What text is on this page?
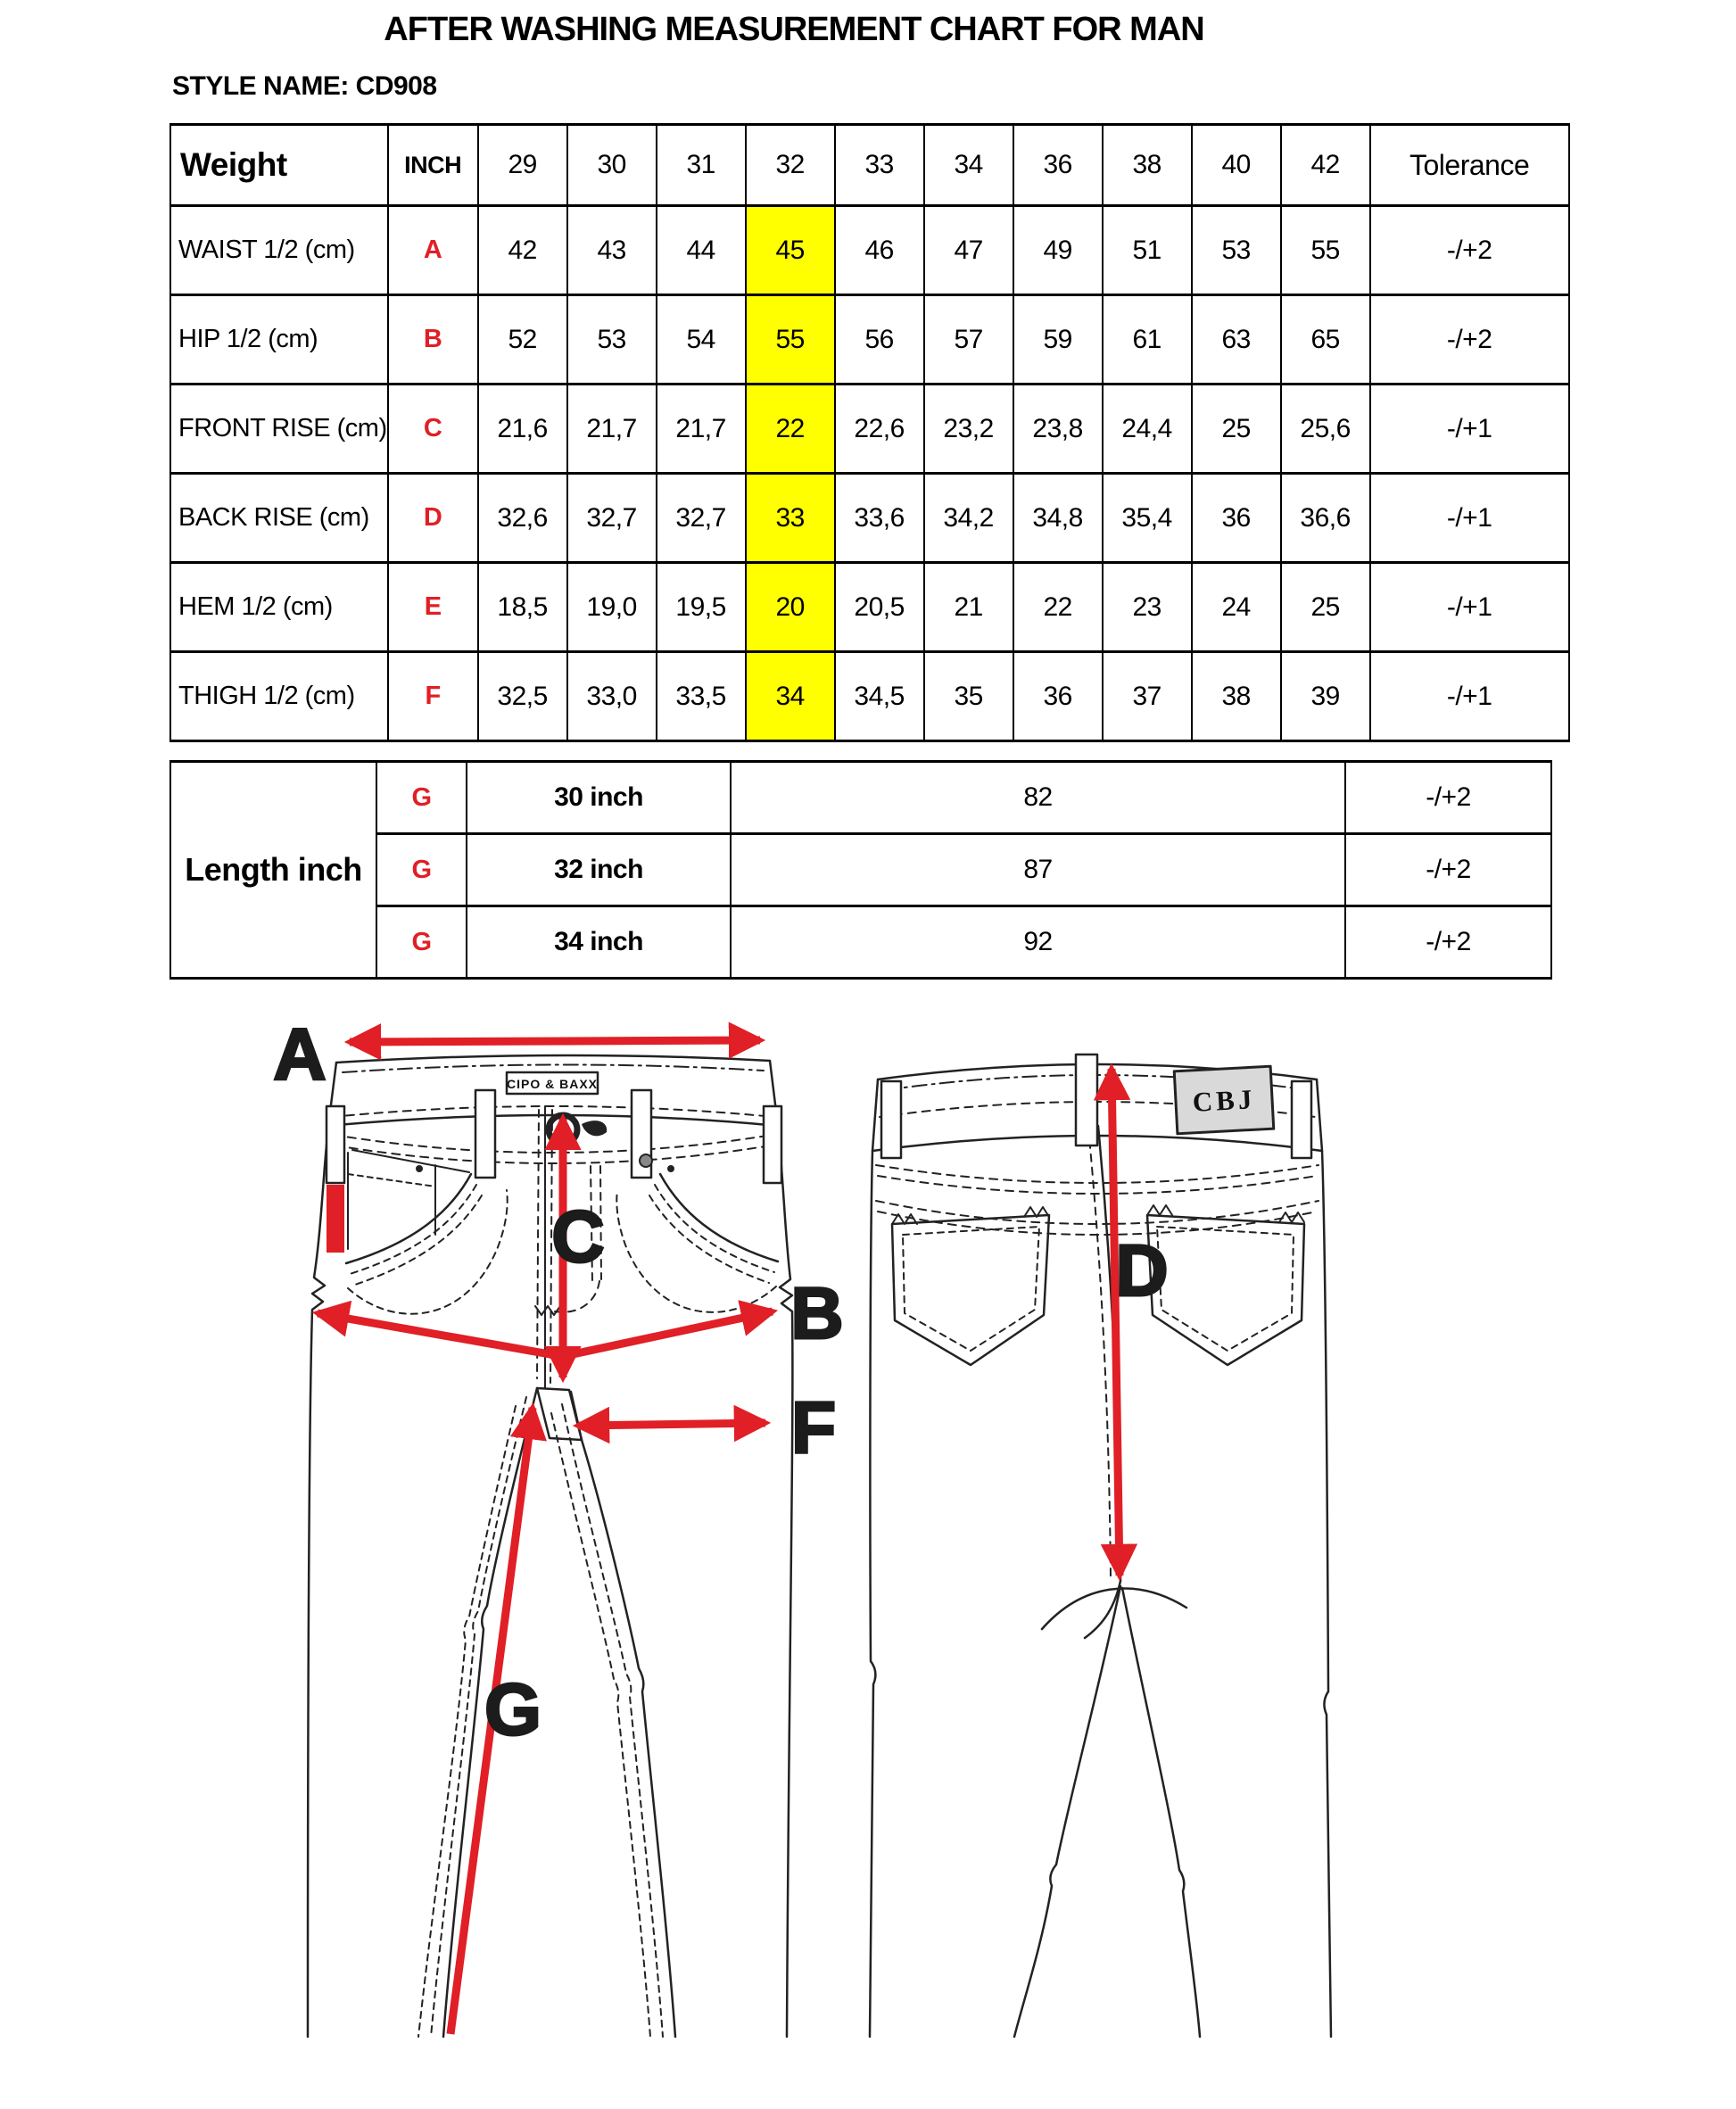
AFTER WASHING MEASUREMENT CHART FOR MAN
STYLE NAME: CD908
Weight	INCH	29	30	31	32	33	34	36	38	40	42	Tolerance
WAIST 1/2 (cm)	A	42	43	44	45	46	47	49	51	53	55	-/+2
HIP 1/2 (cm)	B	52	53	54	55	56	57	59	61	63	65	-/+2
FRONT RISE (cm)	C	21,6	21,7	21,7	22	22,6	23,2	23,8	24,4	25	25,6	-/+1
BACK RISE (cm)	D	32,6	32,7	32,7	33	33,6	34,2	34,8	35,4	36	36,6	-/+1
HEM 1/2 (cm)	E	18,5	19,0	19,5	20	20,5	21	22	23	24	25	-/+1
THIGH 1/2 (cm)	F	32,5	33,0	33,5	34	34,5	35	36	37	38	39	-/+1
Length inch	G	30 inch	82	-/+2
	G	32 inch	87	-/+2
	G	34 inch	92	-/+2
A
B
C	D
F
G
CIPO & BAXX	CBJ
